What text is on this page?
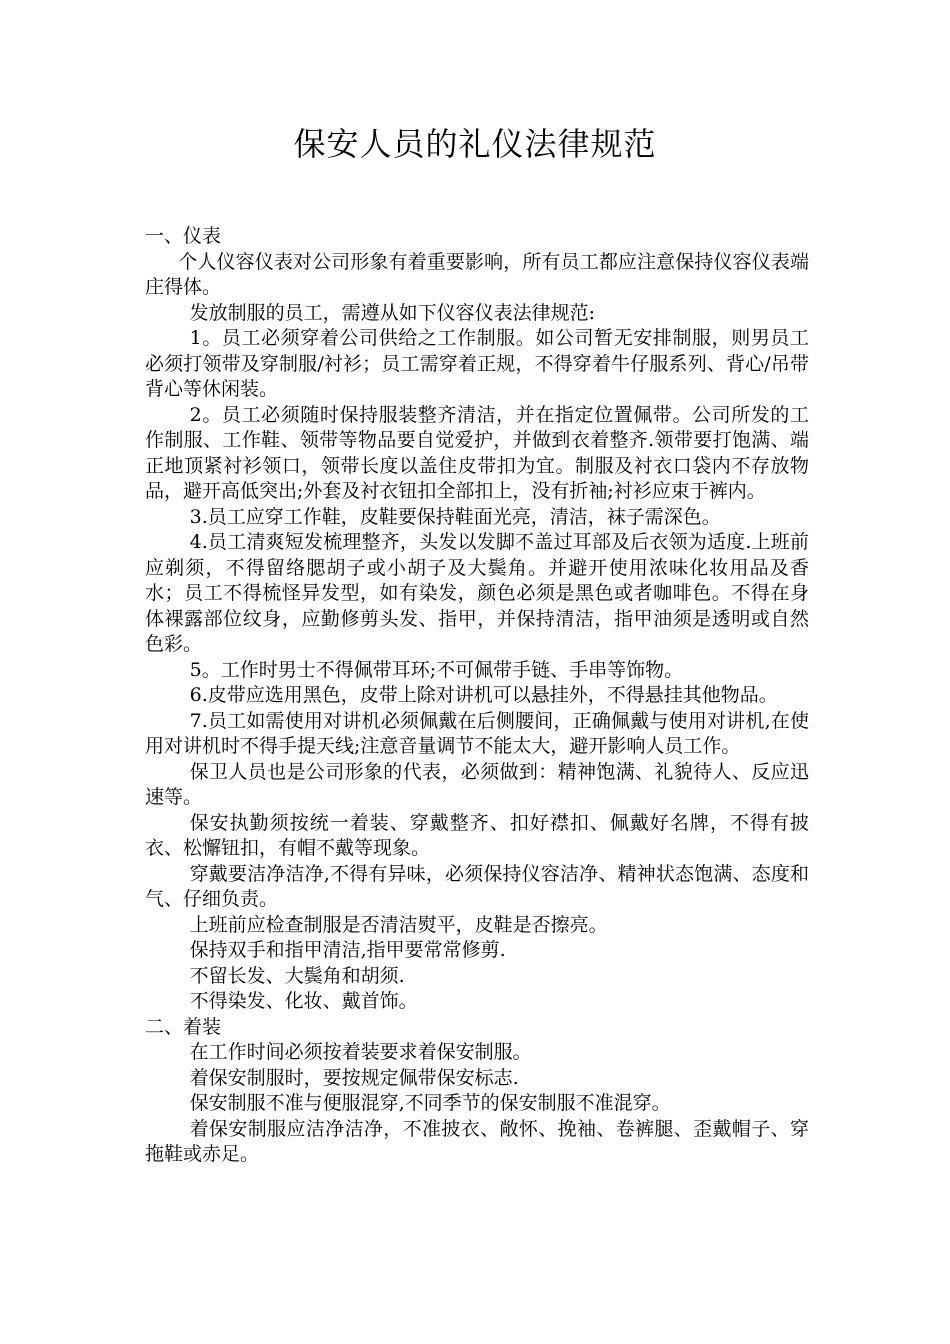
保安人员的礼仪法律规范

一、仪表

个人仪容仪表对公司形象有着重要影响，所有员工都应注意保持仪容仪表端庄得体。

发放制服的员工，需遵从如下仪容仪表法律规范:

1。员工必须穿着公司供给之工作制服。如公司暂无安排制服，则男员工必须打领带及穿制服/衬衫；员工需穿着正规，不得穿着牛仔服系列、背心/吊带背心等休闲装。

2。员工必须随时保持服装整齐清洁，并在指定位置佩带。公司所发的工作制服、工作鞋、领带等物品要自觉爱护，并做到衣着整齐.领带要打饱满、端正地顶紧衬衫领口，领带长度以盖住皮带扣为宜。制服及衬衣口袋内不存放物品，避开高低突出;外套及衬衣钮扣全部扣上，没有折袖;衬衫应束于裤内。

3.员工应穿工作鞋，皮鞋要保持鞋面光亮，清洁，袜子需深色。

4.员工清爽短发梳理整齐，头发以发脚不盖过耳部及后衣领为适度.上班前应剃须，不得留络腮胡子或小胡子及大鬓角。并避开使用浓味化妆用品及香水；员工不得梳怪异发型，如有染发，颜色必须是黑色或者咖啡色。不得在身体裸露部位纹身，应勤修剪头发、指甲，并保持清洁，指甲油须是透明或自然色彩。

5。工作时男士不得佩带耳环;不可佩带手链、手串等饰物。

6.皮带应选用黑色，皮带上除对讲机可以悬挂外，不得悬挂其他物品。

7.员工如需使用对讲机必须佩戴在后侧腰间，正确佩戴与使用对讲机,在使用对讲机时不得手提天线;注意音量调节不能太大，避开影响人员工作。

保卫人员也是公司形象的代表，必须做到：精神饱满、礼貌待人、反应迅速等。

保安执勤须按统一着装、穿戴整齐、扣好襟扣、佩戴好名牌，不得有披衣、松懈钮扣，有帽不戴等现象。

穿戴要洁净洁净,不得有异味，必须保持仪容洁净、精神状态饱满、态度和气、仔细负责。

上班前应检查制服是否清洁熨平，皮鞋是否擦亮。

保持双手和指甲清洁,指甲要常常修剪.

不留长发、大鬓角和胡须.

不得染发、化妆、戴首饰。

二、着装

在工作时间必须按着装要求着保安制服。

着保安制服时，要按规定佩带保安标志.

保安制服不准与便服混穿,不同季节的保安制服不准混穿。

着保安制服应洁净洁净，不准披衣、敞怀、挽袖、卷裤腿、歪戴帽子、穿拖鞋或赤足。
